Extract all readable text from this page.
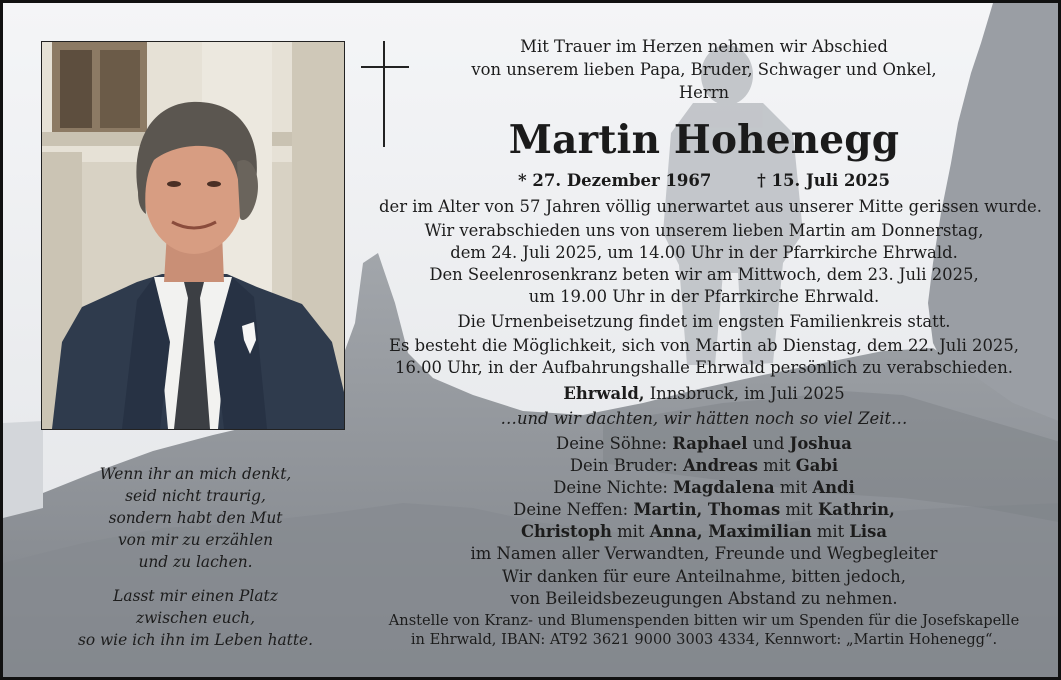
Mit Trauer im Herzen nehmen wir Abschied
von unserem lieben Papa, Bruder, Schwager und Onkel,
Herrn
Martin Hohenegg
* 27. Dezember 1967	† 15. Juli 2025
der im Alter von 57 Jahren völlig unerwartet aus unserer Mitte gerissen wurde.
Wir verabschieden uns von unserem lieben Martin am Donnerstag,
dem 24. Juli 2025, um 14.00 Uhr in der Pfarrkirche Ehrwald.
Den Seelenrosenkranz beten wir am Mittwoch, dem 23. Juli 2025,
um 19.00 Uhr in der Pfarrkirche Ehrwald.
Die Urnenbeisetzung findet im engsten Familienkreis statt.
Es besteht die Möglichkeit, sich von Martin ab Dienstag, dem 22. Juli 2025,
16.00 Uhr, in der Aufbahrungshalle Ehrwald persönlich zu verabschieden.
Ehrwald, Innsbruck, im Juli 2025
…und wir dachten, wir hätten noch so viel Zeit…
Deine Söhne: Raphael und Joshua
Dein Bruder: Andreas mit Gabi
Deine Nichte: Magdalena mit Andi
Deine Neffen: Martin, Thomas mit Kathrin,
Christoph mit Anna, Maximilian mit Lisa
im Namen aller Verwandten, Freunde und Wegbegleiter
Wir danken für eure Anteilnahme, bitten jedoch,
von Beileidsbezeugungen Abstand zu nehmen.
Anstelle von Kranz- und Blumenspenden bitten wir um Spenden für die Josefskapelle
in Ehrwald, IBAN: AT92 3621 9000 3003 4334, Kennwort: „Martin Hohenegg“.
Wenn ihr an mich denkt,
seid nicht traurig,
sondern habt den Mut
von mir zu erzählen
und zu lachen.
Lasst mir einen Platz
zwischen euch,
so wie ich ihn im Leben hatte.
